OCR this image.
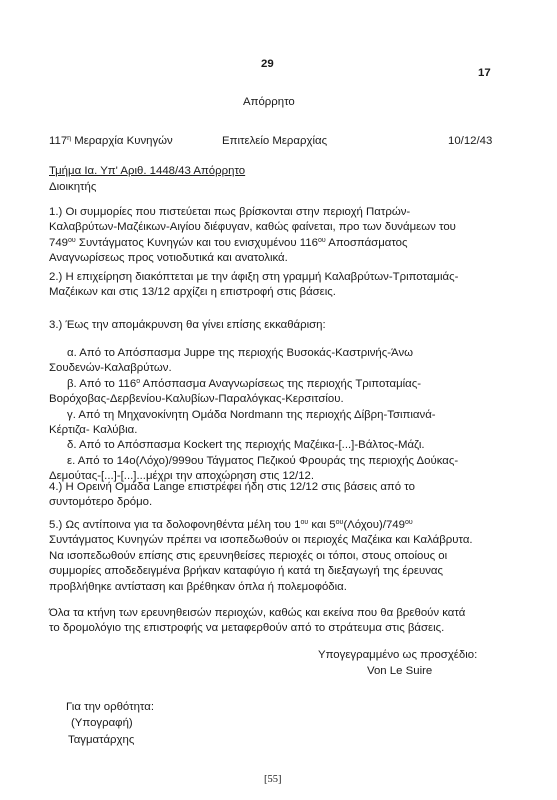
29
17
Απόρρητο
$117^\eta$ Μεραρχία Κυνηγών	Επιτελείο Μεραρχίας	10/12/43
Τμήμα Ια. Υπ' Αριθ. 1448/43 Απόρρητο
Διοικητής
1.) Οι συμμορίες που πιστεύεται πως βρίσκονται στην περιοχή Πατρών-
Καλαβρύτων-Μαζέικων-Αιγίου διέφυγαν, καθώς φαίνεται, προ των δυνάμεων του
$749^{o\upsilon}$ Συντάγματος Κυνηγών και του ενισχυμένου $116^{o\upsilon}$ Αποσπάσματος
Αναγνωρίσεως προς νοτιοδυτικά και ανατολικά.
2.) Η επιχείρηση διακόπτεται με την άφιξη στη γραμμή Καλαβρύτων-Τριποταμιάς-
Μαζέικων και στις 13/12 αρχίζει η επιστροφή στις βάσεις.
3.) Έως την απομάκρυνση θα γίνει επίσης εκκαθάριση:
α. Από το Απόσπασμα Juppe της περιοχής Βυσοκάς-Καστρινής-Άνω
Σουδενών-Καλαβρύτων.
β. Από το $116^o$ Απόσπασμα Αναγνωρίσεως της περιοχής Τριποταμίας-
Βορόχοβας-Δερβενίου-Καλυβίων-Παραλόγκας-Κερσιτσίου.
γ. Από τη Μηχανοκίνητη Ομάδα Nordmann της περιοχής Δίβρη-Τσιπιανά-
Κέρτιζα- Καλύβια.
δ. Από το Απόσπασμα Kockert της περιοχής Μαζέικα-[...]-Βάλτος-Μάζι.
ε. Από το 14ο(Λόχο)/999ου Τάγματος Πεζικού Φρουράς της περιοχής Δούκας-
Δεμούτας-[...]-[...]...μέχρι την αποχώρηση στις 12/12.
4.) Η Ορεινή Ομάδα Lange επιστρέφει ήδη στις 12/12 στις βάσεις από το
συντομότερο δρόμο.
5.) Ως αντίποινα για τα δολοφονηθέντα μέλη του $1^{o\upsilon}$ και $5^{o\upsilon}(\Lambda ό\chi o\upsilon)/749^{o\upsilon}$
Συντάγματος Κυνηγών πρέπει να ισοπεδωθούν οι περιοχές Μαζέικα και Καλάβρυτα.
Να ισοπεδωθούν επίσης στις ερευνηθείσες περιοχές οι τόποι, στους οποίους οι
συμμορίες αποδεδειγμένα βρήκαν καταφύγιο ή κατά τη διεξαγωγή της έρευνας
προβλήθηκε αντίσταση και βρέθηκαν όπλα ή πολεμοφόδια.
Όλα τα κτήνη των ερευνηθεισών περιοχών, καθώς και εκείνα που θα βρεθούν κατά
το δρομολόγιο της επιστροφής να μεταφερθούν από το στράτευμα στις βάσεις.
Υπογεγραμμένο ως προσχέδιο:
Von Le Suire
Για την ορθότητα:
(Υπογραφή)
Ταγματάρχης
[55]
